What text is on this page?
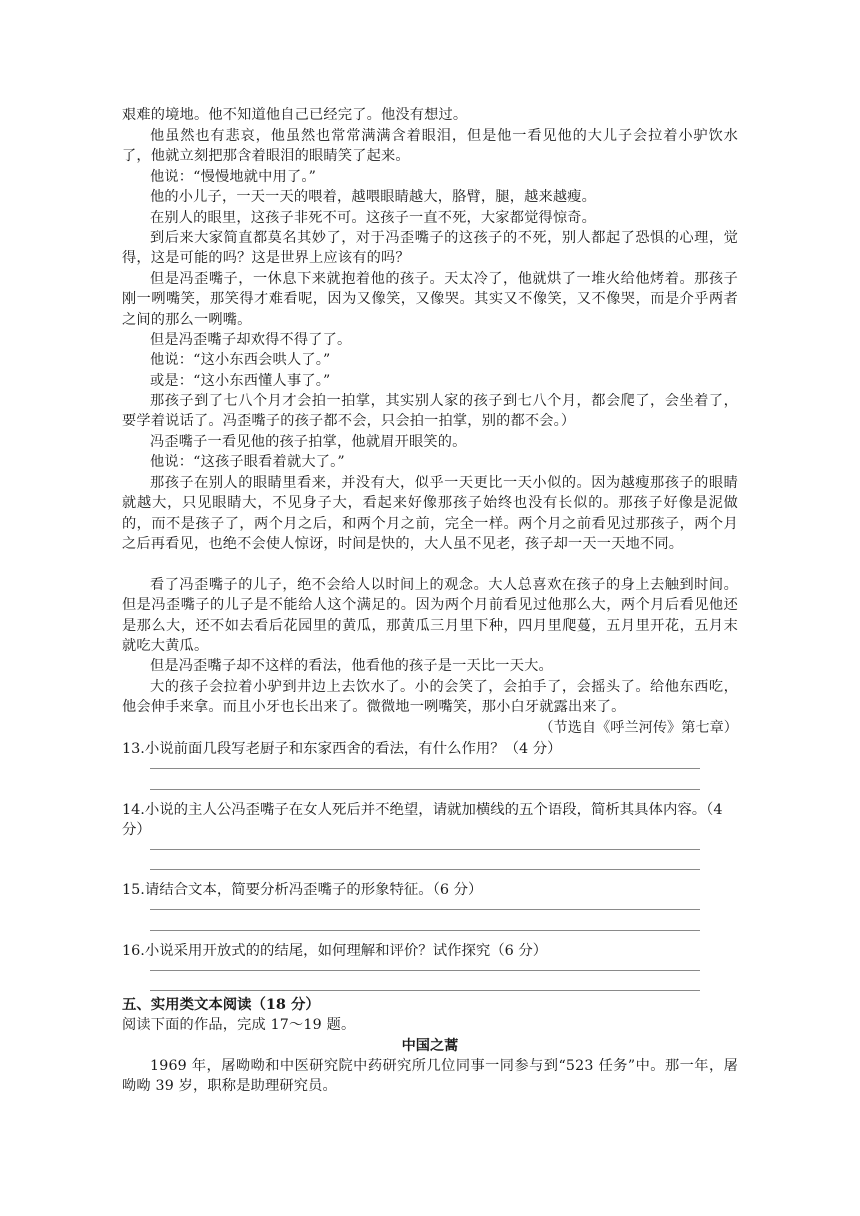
艰难的境地。他不知道他自己已经完了。他没有想过。
他虽然也有悲哀，他虽然也常常满满含着眼泪，但是他一看见他的大儿子会拉着小驴饮水了，他就立刻把那含着眼泪的眼睛笑了起来。
他说：“慢慢地就中用了。”
他的小儿子，一天一天的喂着，越喂眼睛越大，胳臂，腿，越来越瘦。
在别人的眼里，这孩子非死不可。这孩子一直不死，大家都觉得惊奇。
到后来大家简直都莫名其妙了，对于冯歪嘴子的这孩子的不死，别人都起了恐惧的心理，觉得，这是可能的吗？这是世界上应该有的吗？
但是冯歪嘴子，一休息下来就抱着他的孩子。天太冷了，他就烘了一堆火给他烤着。那孩子刚一咧嘴笑，那笑得才难看呢，因为又像笑，又像哭。其实又不像笑，又不像哭，而是介乎两者之间的那么一咧嘴。
但是冯歪嘴子却欢得不得了了。
他说：“这小东西会哄人了。”
或是：“这小东西懂人事了。”
那孩子到了七八个月才会拍一拍掌，其实别人家的孩子到七八个月，都会爬了，会坐着了，要学着说话了。冯歪嘴子的孩子都不会，只会拍一拍掌，别的都不会。）
冯歪嘴子一看见他的孩子拍掌，他就眉开眼笑的。
他说：“这孩子眼看着就大了。”
那孩子在别人的眼睛里看来，并没有大，似乎一天更比一天小似的。因为越瘦那孩子的眼睛就越大，只见眼睛大，不见身子大，看起来好像那孩子始终也没有长似的。那孩子好像是泥做的，而不是孩子了，两个月之后，和两个月之前，完全一样。两个月之前看见过那孩子，两个月之后再看见，也绝不会使人惊讶，时间是快的，大人虽不见老，孩子却一天一天地不同。
看了冯歪嘴子的儿子，绝不会给人以时间上的观念。大人总喜欢在孩子的身上去触到时间。但是冯歪嘴子的儿子是不能给人这个满足的。因为两个月前看见过他那么大，两个月后看见他还是那么大，还不如去看后花园里的黄瓜，那黄瓜三月里下种，四月里爬蔓，五月里开花，五月末就吃大黄瓜。
但是冯歪嘴子却不这样的看法，他看他的孩子是一天比一天大。
大的孩子会拉着小驴到井边上去饮水了。小的会笑了，会拍手了，会摇头了。给他东西吃，他会伸手来拿。而且小牙也长出来了。微微地一咧嘴笑，那小白牙就露出来了。
（节选自《呼兰河传》第七章）
13.小说前面几段写老厨子和东家西舍的看法，有什么作用？（4 分）
14.小说的主人公冯歪嘴子在女人死后并不绝望，请就加横线的五个语段，简析其具体内容。（4 分）
15.请结合文本，简要分析冯歪嘴子的形象特征。（6 分）
16.小说采用开放式的的结尾，如何理解和评价？试作探究（6 分）
五、实用类文本阅读（18 分）
阅读下面的作品，完成 17～19 题。
中国之蒿
1969 年，屠呦呦和中医研究院中药研究所几位同事一同参与到“523 任务”中。那一年，屠呦呦 39 岁，职称是助理研究员。
